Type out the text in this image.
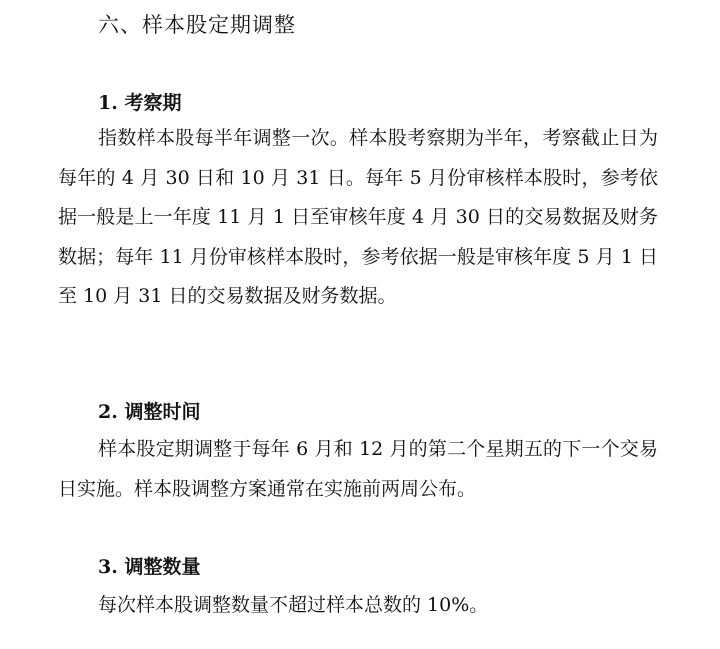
六、样本股定期调整
1. 考察期

指数样本股每半年调整一次。样本股考察期为半年，考察截止日为每年的 4 月 30 日和 10 月 31 日。每年 5 月份审核样本股时，参考依据一般是上一年度 11 月 1 日至审核年度 4 月 30 日的交易数据及财务数据；每年 11 月份审核样本股时，参考依据一般是审核年度 5 月 1 日至 10 月 31 日的交易数据及财务数据。

2. 调整时间

样本股定期调整于每年 6 月和 12 月的第二个星期五的下一个交易日实施。样本股调整方案通常在实施前两周公布。

3. 调整数量

每次样本股调整数量不超过样本总数的 10%。
